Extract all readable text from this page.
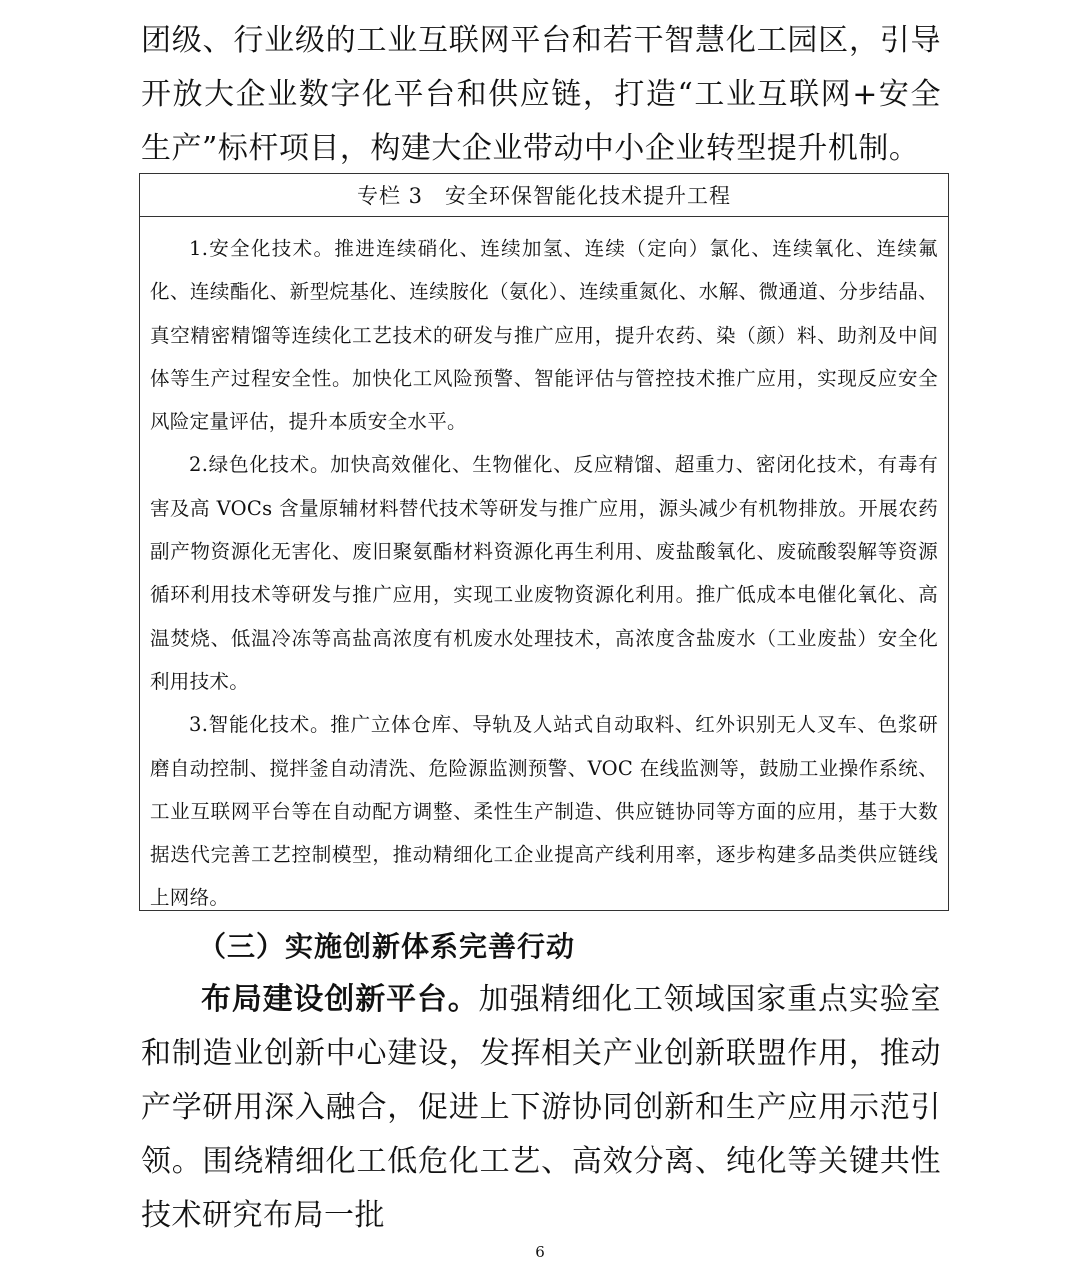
团级、行业级的工业互联网平台和若干智慧化工园区，引导开放大企业数字化平台和供应链，打造“工业互联网+安全生产”标杆项目，构建大企业带动中小企业转型提升机制。

专栏 3 安全环保智能化技术提升工程

1.安全化技术。推进连续硝化、连续加氢、连续（定向）氯化、连续氧化、连续氟化、连续酯化、新型烷基化、连续胺化（氨化）、连续重氮化、水解、微通道、分步结晶、真空精密精馏等连续化工艺技术的研发与推广应用，提升农药、染（颜）料、助剂及中间体等生产过程安全性。加快化工风险预警、智能评估与管控技术推广应用，实现反应安全风险定量评估，提升本质安全水平。

2.绿色化技术。加快高效催化、生物催化、反应精馏、超重力、密闭化技术，有毒有害及高 VOCs 含量原辅材料替代技术等研发与推广应用，源头减少有机物排放。开展农药副产物资源化无害化、废旧聚氨酯材料资源化再生利用、废盐酸氧化、废硫酸裂解等资源循环利用技术等研发与推广应用，实现工业废物资源化利用。推广低成本电催化氧化、高温焚烧、低温冷冻等高盐高浓度有机废水处理技术，高浓度含盐废水（工业废盐）安全化利用技术。

3.智能化技术。推广立体仓库、导轨及人站式自动取料、红外识别无人叉车、色浆研磨自动控制、搅拌釜自动清洗、危险源监测预警、VOC 在线监测等，鼓励工业操作系统、工业互联网平台等在自动配方调整、柔性生产制造、供应链协同等方面的应用，基于大数据迭代完善工艺控制模型，推动精细化工企业提高产线利用率，逐步构建多品类供应链线上网络。

（三）实施创新体系完善行动

布局建设创新平台。加强精细化工领域国家重点实验室和制造业创新中心建设，发挥相关产业创新联盟作用，推动产学研用深入融合，促进上下游协同创新和生产应用示范引领。围绕精细化工低危化工艺、高效分离、纯化等关键共性技术研究布局一批

6
